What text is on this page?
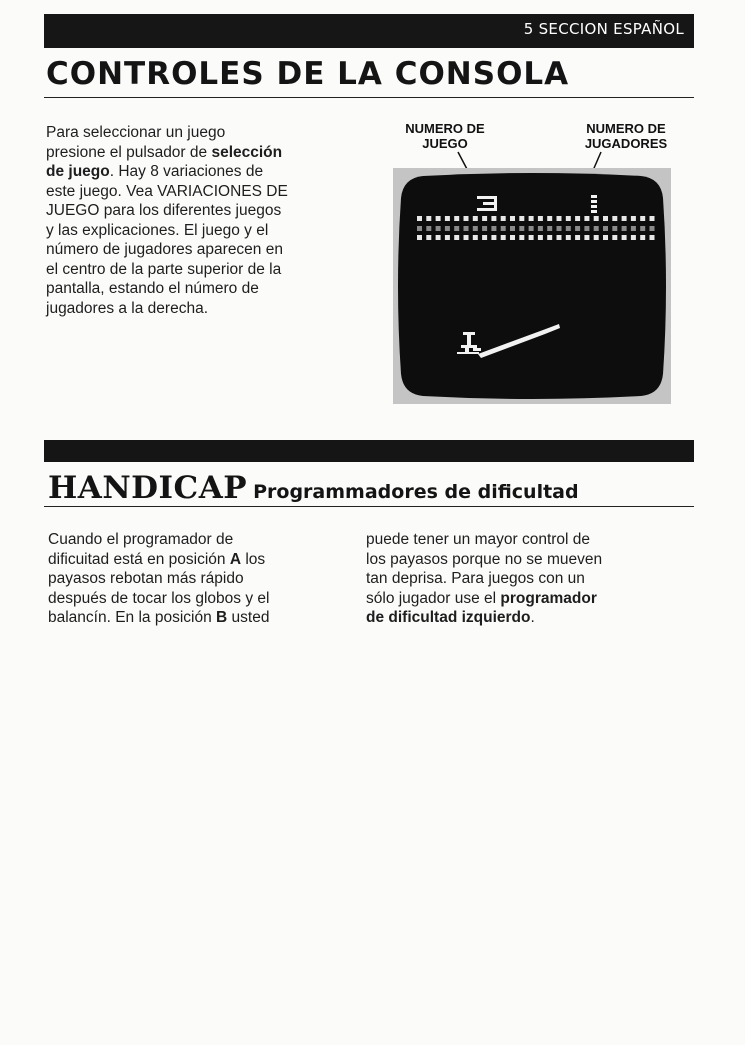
5 SECCION ESPAÑOL
CONTROLES DE LA CONSOLA

Para seleccionar un juego
presione el pulsador de selección
de juego. Hay 8 variaciones de
este juego. Vea VARIACIONES DE
JUEGO para los diferentes juegos
y las explicaciones. El juego y el
número de jugadores aparecen en
el centro de la parte superior de la
pantalla, estando el número de
jugadores a la derecha.

NUMERO DE
JUEGO
NUMERO DE
JUGADORES
HANDICAP Programmadores de dificultad

Cuando el programador de
dificuitad está en posición A los
payasos rebotan más rápido
después de tocar los globos y el
balancín. En la posición B usted

puede tener un mayor control de
los payasos porque no se mueven
tan deprisa. Para juegos con un
sólo jugador use el programador
de dificultad izquierdo.
